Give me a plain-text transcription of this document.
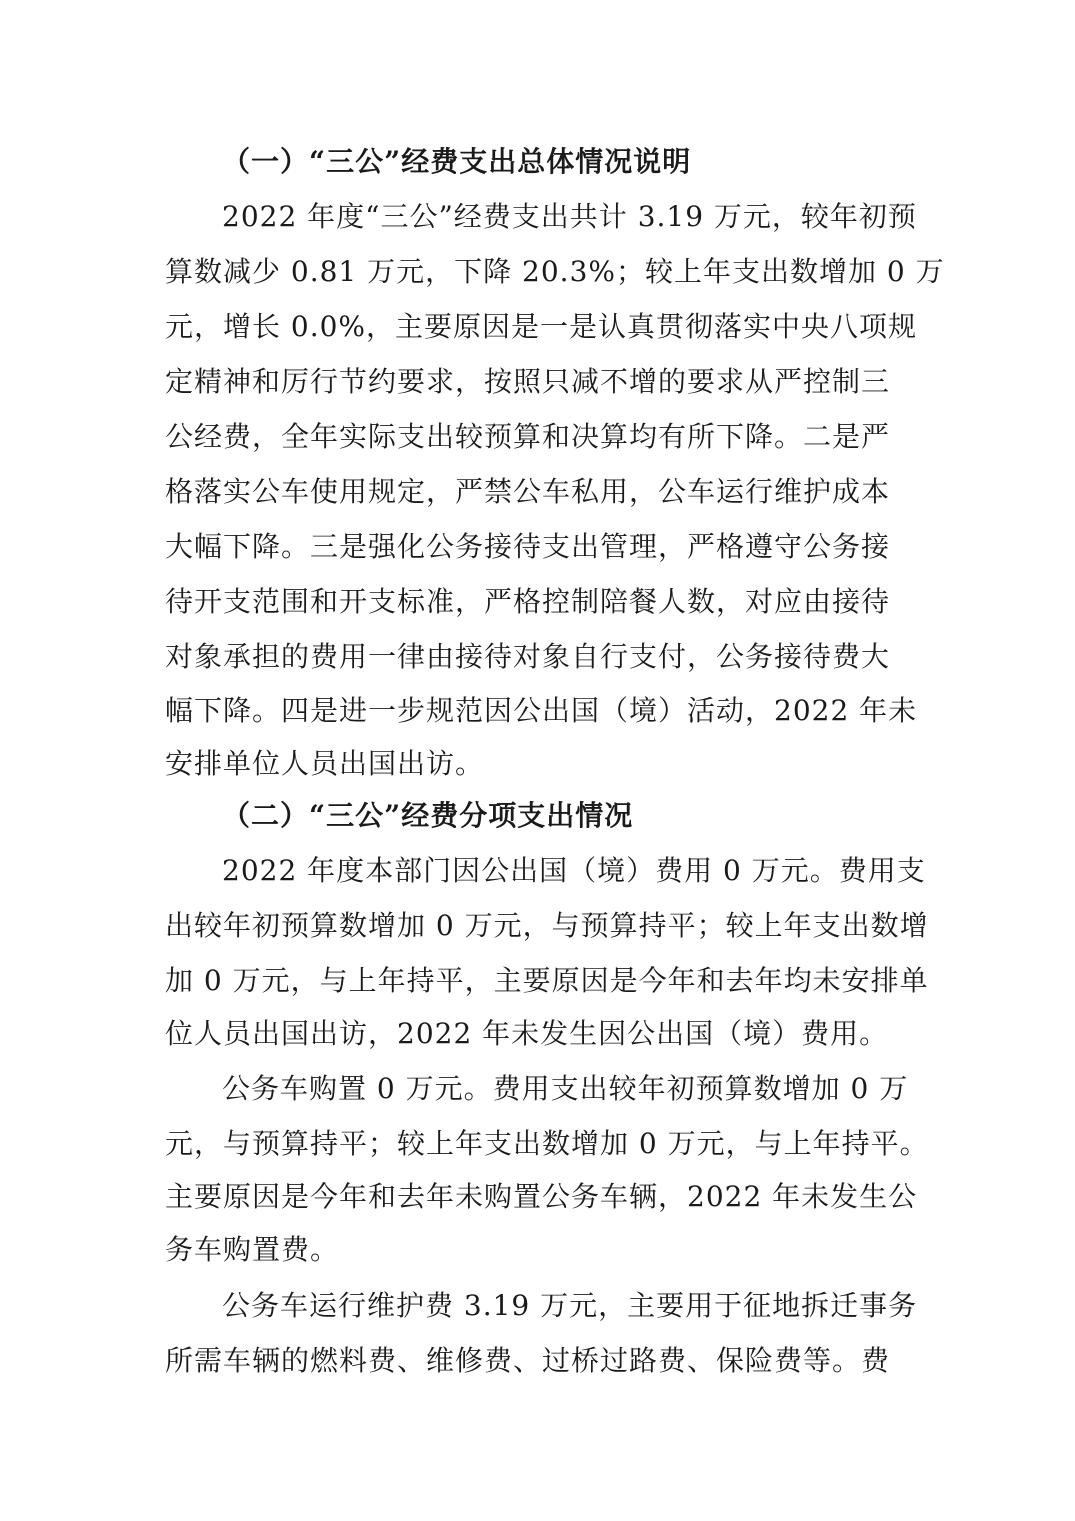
（一）“三公”经费支出总体情况说明
2022 年度“三公”经费支出共计 3.19 万元，较年初预
算数减少 0.81 万元，下降 20.3%；较上年支出数增加 0 万
元，增长 0.0%，主要原因是一是认真贯彻落实中央八项规
定精神和厉行节约要求，按照只减不增的要求从严控制三
公经费，全年实际支出较预算和决算均有所下降。二是严
格落实公车使用规定，严禁公车私用，公车运行维护成本
大幅下降。三是强化公务接待支出管理，严格遵守公务接
待开支范围和开支标准，严格控制陪餐人数，对应由接待
对象承担的费用一律由接待对象自行支付，公务接待费大
幅下降。四是进一步规范因公出国（境）活动，2022 年未
安排单位人员出国出访。
（二）“三公”经费分项支出情况
2022 年度本部门因公出国（境）费用 0 万元。费用支
出较年初预算数增加 0 万元，与预算持平；较上年支出数增
加 0 万元，与上年持平，主要原因是今年和去年均未安排单
位人员出国出访，2022 年未发生因公出国（境）费用。
公务车购置 0 万元。费用支出较年初预算数增加 0 万
元，与预算持平；较上年支出数增加 0 万元，与上年持平。
主要原因是今年和去年未购置公务车辆，2022 年未发生公
务车购置费。
公务车运行维护费 3.19 万元，主要用于征地拆迁事务
所需车辆的燃料费、维修费、过桥过路费、保险费等。费
